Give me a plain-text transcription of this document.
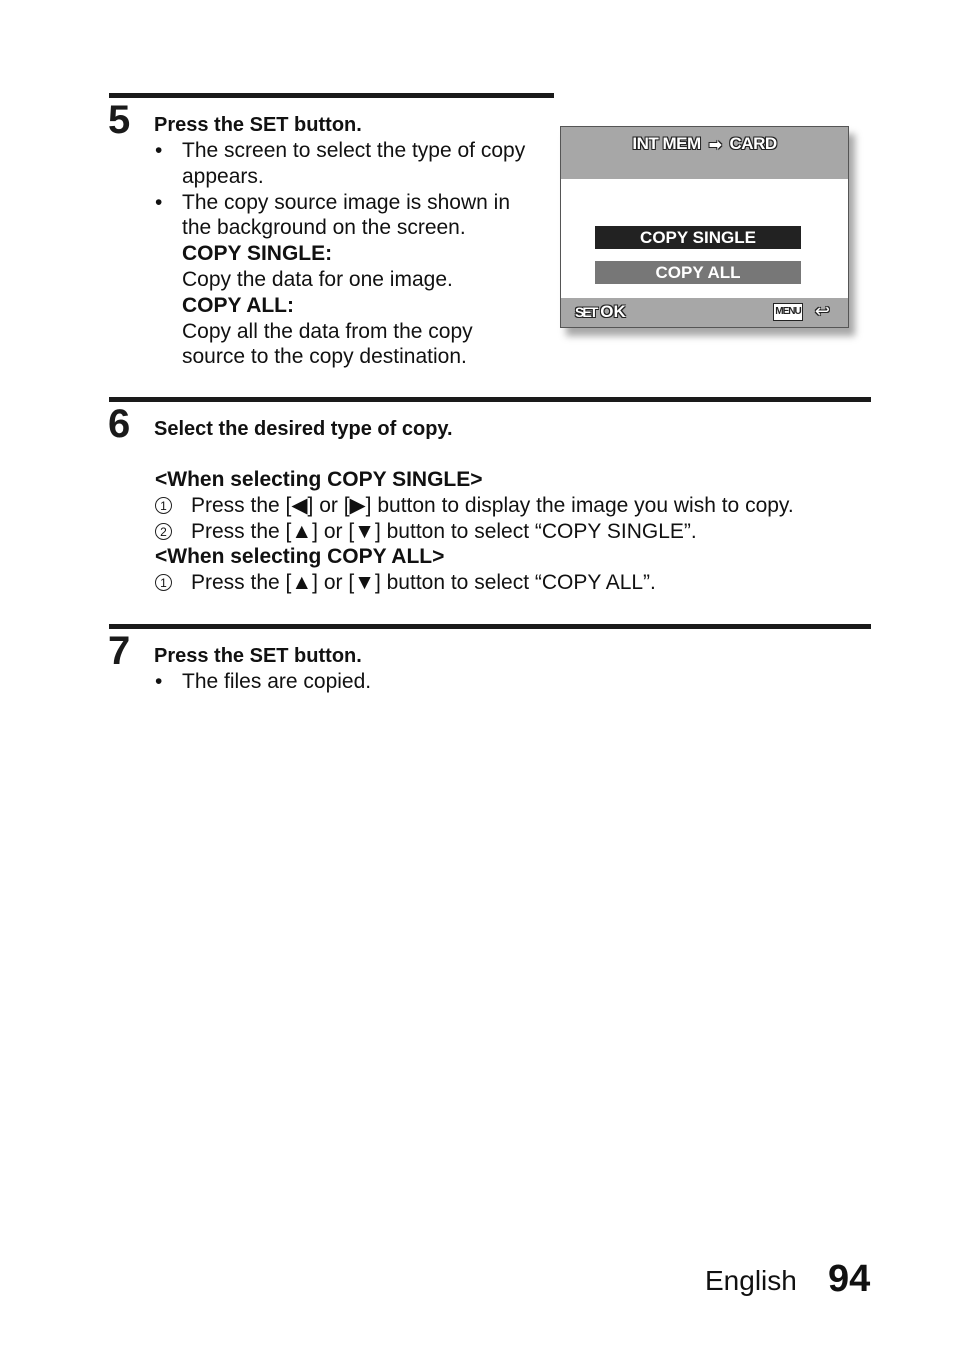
5 Press the SET button.
• The screen to select the type of copy appears.
• The copy source image is shown in the background on the screen.
COPY SINGLE:
Copy the data for one image.
COPY ALL:
Copy all the data from the copy source to the copy destination.
INT MEM ➡ CARD
COPY SINGLE
COPY ALL
SET OK	MENU ↩
6 Select the desired type of copy.
<When selecting COPY SINGLE>
1 Press the [◀] or [▶] button to display the image you wish to copy.
2 Press the [▲] or [▼] button to select “COPY SINGLE”.
<When selecting COPY ALL>
1 Press the [▲] or [▼] button to select “COPY ALL”.
7 Press the SET button.
• The files are copied.
English 94
